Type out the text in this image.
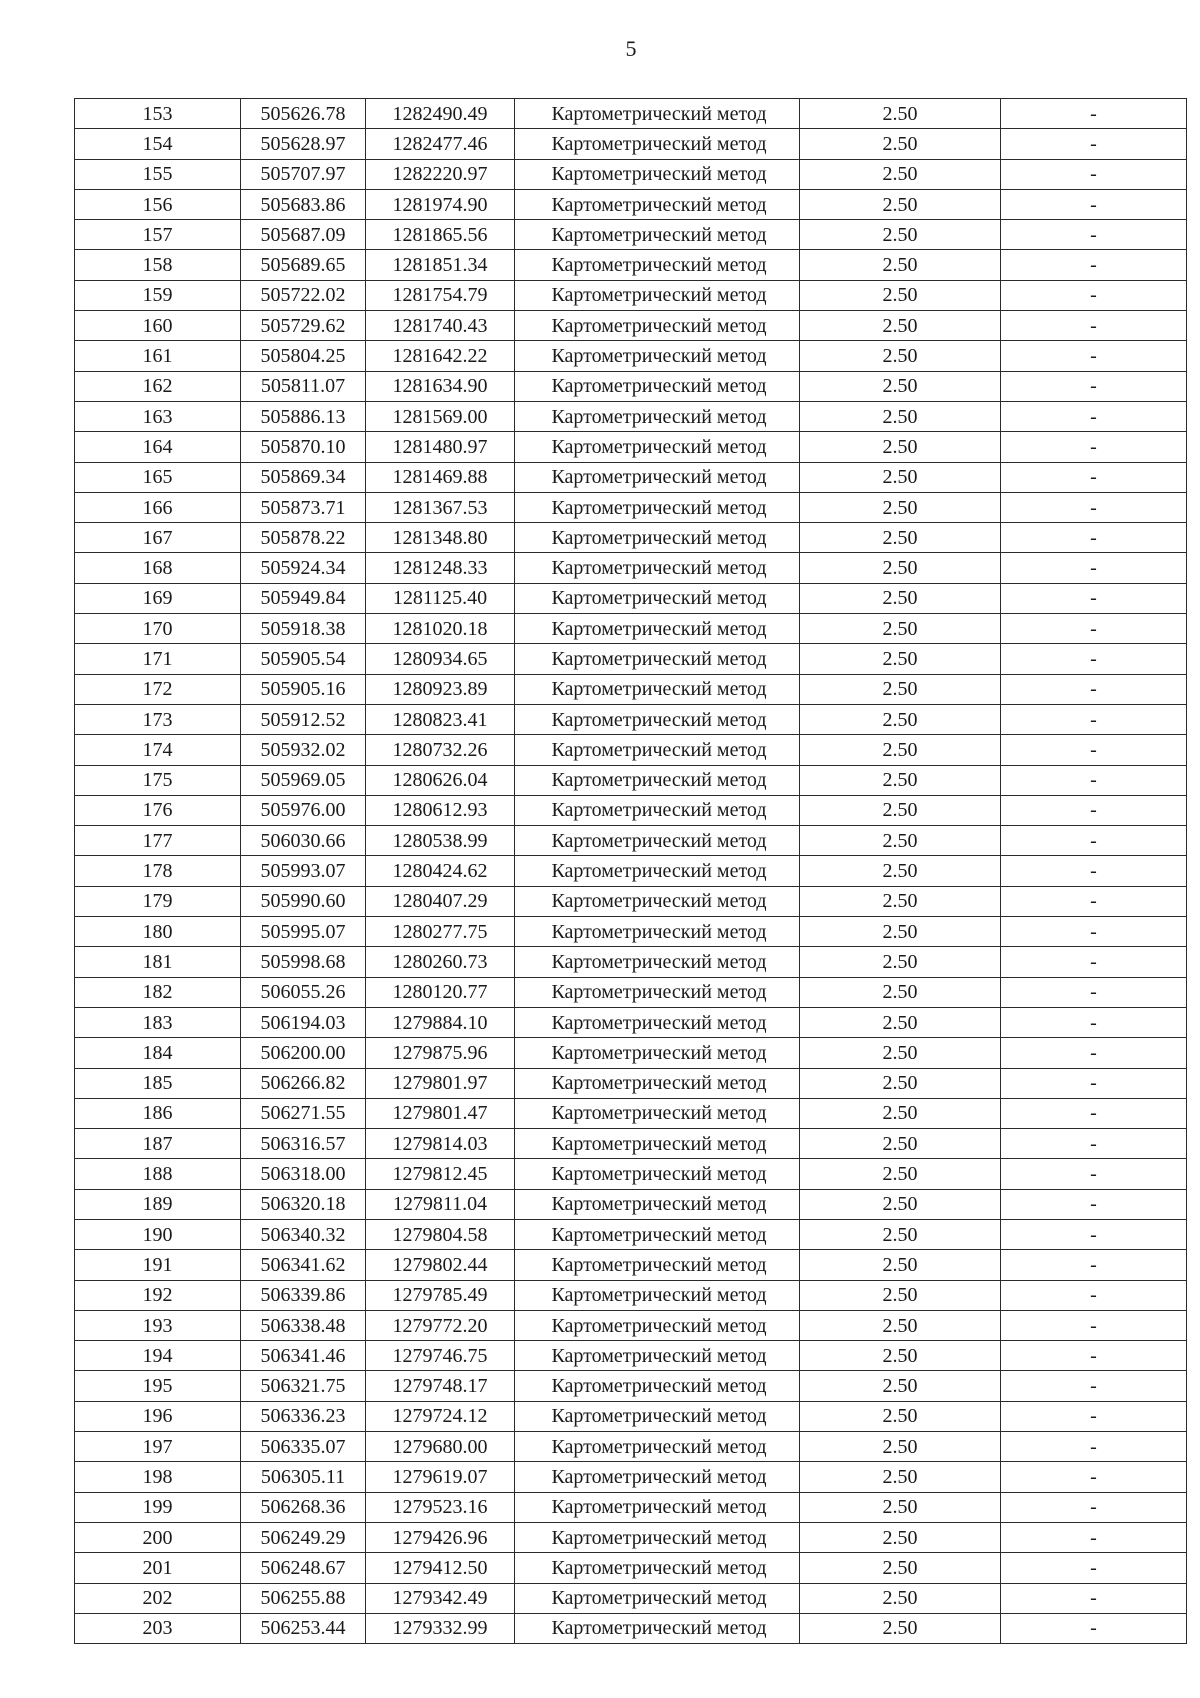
5
153	505626.78	1282490.49	Картометрический метод	2.50	-
154	505628.97	1282477.46	Картометрический метод	2.50	-
155	505707.97	1282220.97	Картометрический метод	2.50	-
156	505683.86	1281974.90	Картометрический метод	2.50	-
157	505687.09	1281865.56	Картометрический метод	2.50	-
158	505689.65	1281851.34	Картометрический метод	2.50	-
159	505722.02	1281754.79	Картометрический метод	2.50	-
160	505729.62	1281740.43	Картометрический метод	2.50	-
161	505804.25	1281642.22	Картометрический метод	2.50	-
162	505811.07	1281634.90	Картометрический метод	2.50	-
163	505886.13	1281569.00	Картометрический метод	2.50	-
164	505870.10	1281480.97	Картометрический метод	2.50	-
165	505869.34	1281469.88	Картометрический метод	2.50	-
166	505873.71	1281367.53	Картометрический метод	2.50	-
167	505878.22	1281348.80	Картометрический метод	2.50	-
168	505924.34	1281248.33	Картометрический метод	2.50	-
169	505949.84	1281125.40	Картометрический метод	2.50	-
170	505918.38	1281020.18	Картометрический метод	2.50	-
171	505905.54	1280934.65	Картометрический метод	2.50	-
172	505905.16	1280923.89	Картометрический метод	2.50	-
173	505912.52	1280823.41	Картометрический метод	2.50	-
174	505932.02	1280732.26	Картометрический метод	2.50	-
175	505969.05	1280626.04	Картометрический метод	2.50	-
176	505976.00	1280612.93	Картометрический метод	2.50	-
177	506030.66	1280538.99	Картометрический метод	2.50	-
178	505993.07	1280424.62	Картометрический метод	2.50	-
179	505990.60	1280407.29	Картометрический метод	2.50	-
180	505995.07	1280277.75	Картометрический метод	2.50	-
181	505998.68	1280260.73	Картометрический метод	2.50	-
182	506055.26	1280120.77	Картометрический метод	2.50	-
183	506194.03	1279884.10	Картометрический метод	2.50	-
184	506200.00	1279875.96	Картометрический метод	2.50	-
185	506266.82	1279801.97	Картометрический метод	2.50	-
186	506271.55	1279801.47	Картометрический метод	2.50	-
187	506316.57	1279814.03	Картометрический метод	2.50	-
188	506318.00	1279812.45	Картометрический метод	2.50	-
189	506320.18	1279811.04	Картометрический метод	2.50	-
190	506340.32	1279804.58	Картометрический метод	2.50	-
191	506341.62	1279802.44	Картометрический метод	2.50	-
192	506339.86	1279785.49	Картометрический метод	2.50	-
193	506338.48	1279772.20	Картометрический метод	2.50	-
194	506341.46	1279746.75	Картометрический метод	2.50	-
195	506321.75	1279748.17	Картометрический метод	2.50	-
196	506336.23	1279724.12	Картометрический метод	2.50	-
197	506335.07	1279680.00	Картометрический метод	2.50	-
198	506305.11	1279619.07	Картометрический метод	2.50	-
199	506268.36	1279523.16	Картометрический метод	2.50	-
200	506249.29	1279426.96	Картометрический метод	2.50	-
201	506248.67	1279412.50	Картометрический метод	2.50	-
202	506255.88	1279342.49	Картометрический метод	2.50	-
203	506253.44	1279332.99	Картометрический метод	2.50	-
